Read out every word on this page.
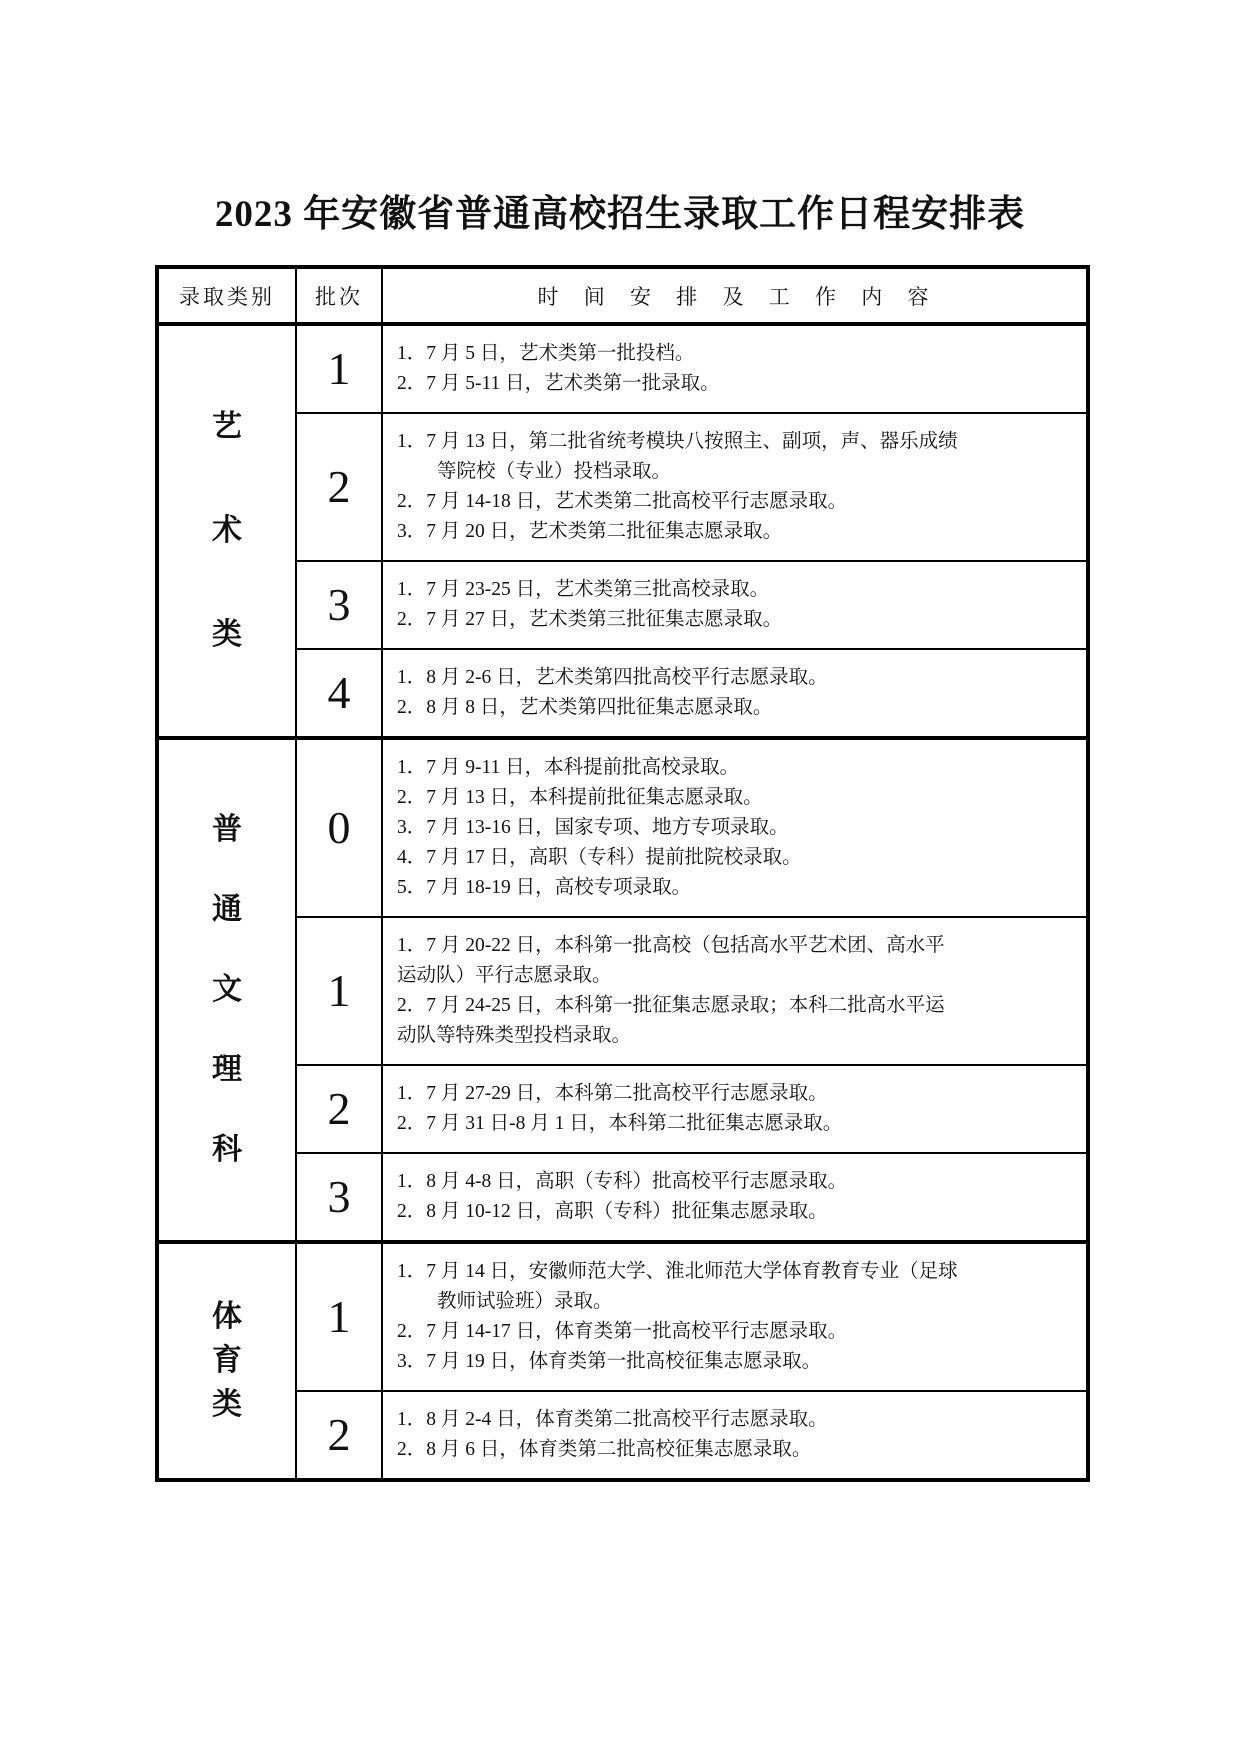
2023 年安徽省普通高校招生录取工作日程安排表
录取类别	批次	时 间 安 排 及 工 作 内 容
艺
术
类
1	1．7 月 5 日，艺术类第一批投档。
2．7 月 5-11 日，艺术类第一批录取。
2
1．7 月 13 日，第二批省统考模块八按照主、副项，声、器乐成绩
等院校（专业）投档录取。
2．7 月 14-18 日，艺术类第二批高校平行志愿录取。
3．7 月 20 日，艺术类第二批征集志愿录取。
3	1．7 月 23-25 日，艺术类第三批高校录取。
2．7 月 27 日，艺术类第三批征集志愿录取。
4	1．8 月 2-6 日，艺术类第四批高校平行志愿录取。
2．8 月 8 日，艺术类第四批征集志愿录取。
普
通
文
理
科
0
1．7 月 9-11 日，本科提前批高校录取。
2．7 月 13 日，本科提前批征集志愿录取。
3．7 月 13-16 日，国家专项、地方专项录取。
4．7 月 17 日，高职（专科）提前批院校录取。
5．7 月 18-19 日，高校专项录取。
1
1．7 月 20-22 日，本科第一批高校（包括高水平艺术团、高水平
运动队）平行志愿录取。
2．7 月 24-25 日，本科第一批征集志愿录取；本科二批高水平运
动队等特殊类型投档录取。
2	1．7 月 27-29 日，本科第二批高校平行志愿录取。
2．7 月 31 日-8 月 1 日，本科第二批征集志愿录取。
3	1．8 月 4-8 日，高职（专科）批高校平行志愿录取。
2．8 月 10-12 日，高职（专科）批征集志愿录取。
体
育
类
1
1．7 月 14 日，安徽师范大学、淮北师范大学体育教育专业（足球
教师试验班）录取。
2．7 月 14-17 日，体育类第一批高校平行志愿录取。
3．7 月 19 日，体育类第一批高校征集志愿录取。
2	1．8 月 2-4 日，体育类第二批高校平行志愿录取。
2．8 月 6 日，体育类第二批高校征集志愿录取。
